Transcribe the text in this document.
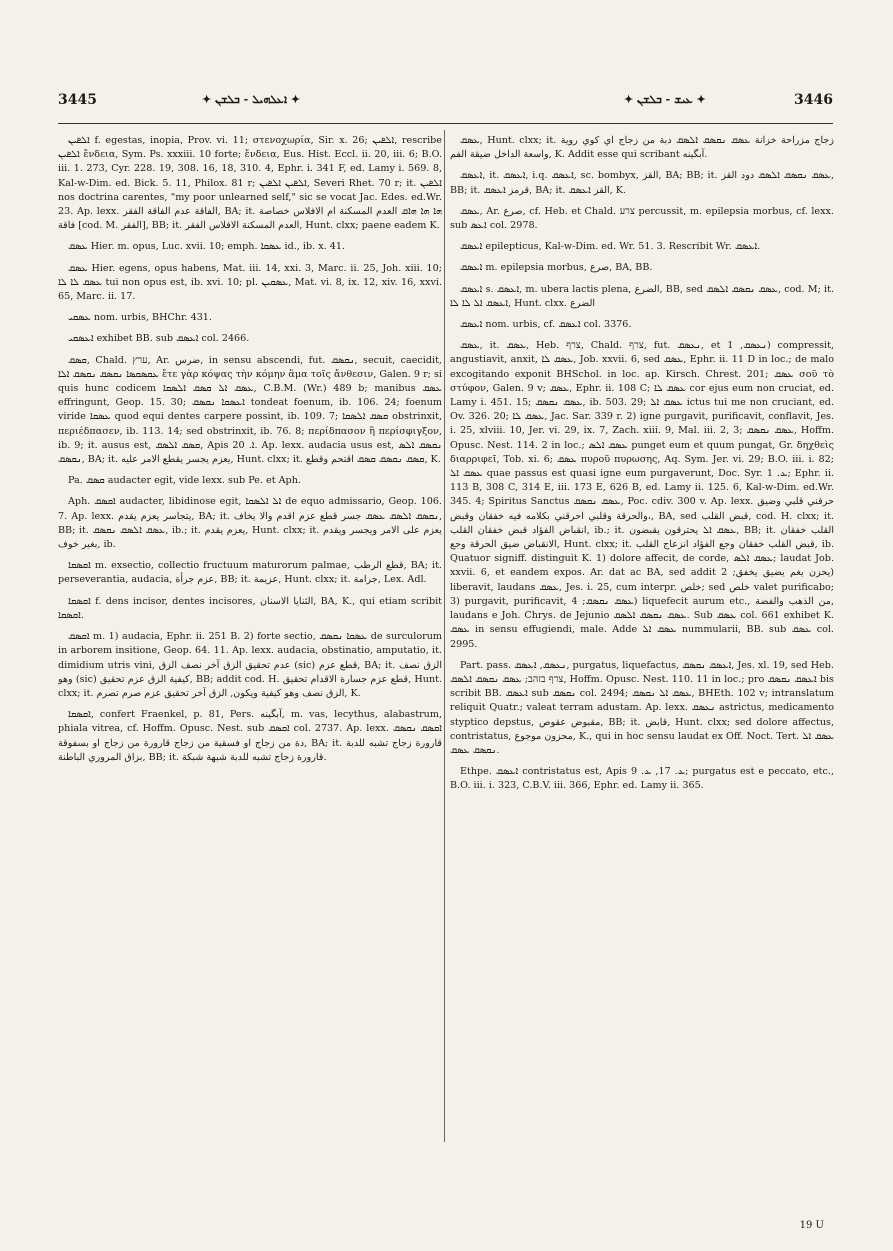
3445	✦ ܐܥܠܗܝܠ - ܒܠܫܢ ✦	✦ ܥܝܫ - ܒܠܫܢ ✦	3446

ܐܠܧܝܢ f. egestas, inopia, Prov. vi. 11; στενοχωρία, Sir. x. 26; ܐܠܧܝܢ, rescribe ܐܠܧܝܢ ἔνδεια, Sym. Ps. xxxiii. 10 forte; ἔνδεια, Eus. Hist. Eccl. ii. 20, iii. 6; B.O. iii. 1. 273, Cyr. 228. 19, 308. 16, 18, 310. 4, Ephr. i. 341 F, ed. Lamy i. 569. 8, Kal-w-Dim. ed. Bick. 5. 11, Philox. 81 r; ܐܠܧܝܢ ܐܠܧܝܢ, Severi Rhet. 70 r; it. ܐܠܧܝܢ nos doctrina carentes, "my poor unlearned self," sic se vocat Jac. Edes. ed.Wr. 23. Ap. lexx. الفاقة عدم الفاقة الفقر, BA; it. ܗܐ ܗܐ ܗܐܩ العدم المسكنة ام الافلاس خصاصة فاقة [cod. M. الفقر], BB; it. العدم المسكنة الافلاس الفقر, Hunt. clxx; paene eadem K.

ܥܣܩ Hier. m. opus, Luc. xvii. 10; emph. ܥܣܩܐ id., ib. x. 41.

ܥܣܩ Hier. egens, opus habens, Mat. iii. 14, xxi. 3, Marc. ii. 25, Joh. xiii. 10; ܥܣܩ ܠܐ ܠܐ tui non opus est, ib. xvi. 10; pl. ܥܣܩܝܢ, Mat. vi. 8, ix. 12, xiv. 16, xxvi. 65, Marc. ii. 17.

ܥܣܩܝ nom. urbis, BHChr. 431.

ܐܥܣܩܝ exhibet BB. sub ܐܥܣܩ col. 2466.

ܩܣܩ, Chald. ערץ, Ar. ضرس, in sensu abscendi, fut. ܢܩܣܩ, secuit, caecidit, ܥܩܣܩܣܐ ܢܩܣܩ ܢܩܣܩ ܐܠܐ ἔτε γὰρ κόψας τὴν κόμην ἅμα τοῖς ἄνθεσιν, Galen. 9 r; si quis hunc codicem ܥܣܩ ܐܠ ܩܣܩ ܐܠܣܩܐ, C.B.M. (Wr.) 489 b; manibus ܥܣܩ effringunt, Geop. 15. 30; ܐܥܣܩܐ ܢܩܣܩ tondeat foenum, ib. 106. 24; foenum viride ܥܣܩܐ quod equi dentes carpere possint, ib. 109. 7; ܩܣܩ ܐܠܣܩܐ obstrinxit, περιέδπασεν, ib. 113. 14; sed obstrinxit, ib. 76. 8; περίδπασον ἢ περίσφιγξον, ib. 9; it. ausus est, ܩܣܩ ܐܠܣܩ, Apis ܐ. 20. Ap. lexx. audacia usus est, ܢܩܣܩ ܐܠܣ ܢܩܣܩ, BA; it. يعزم يجسر يقطع الامر عليه, Hunt. clxx; it. ܩܣܩ ܢܩܣܩ ܩܣܩ اقتحم وقطع, K.

Pa. ܩܣܩ audacter egit, vide lexx. sub Pe. et Aph.

Aph. ܐܩܣܩ audacter, libidinose egit, ܐܠ ܐܠܣܩܐ de equo admissario, Geop. 106. 7. Ap. lexx. يتجاسر يعزم يقدم, BA; it. ܢܩܣܩ ܐܠܣܩ ܥܣܩ جسر قطع عزم اقدم والا يخاف, BB; it. ܥܣܩ ܐܠܣܩ ܢܩܣܩ, ib.; it. يعزم يقدم, Hunt. clxx; it. يعزم على الامر ويجسر ويقدم بغير خوف, ib.

ܐܩܣܩܐ m. exsectio, collectio fructuum maturorum palmae, قطع الرطب, BA; it. perseverantia, audacia, عزم جرأة, BB; it. عزيمة, Hunt. clxx; it. جرامة, Lex. Adl.

ܐܩܣܩܐ f. dens incisor, dentes incisores, الثنايا الاسنان, BA, K., qui etiam scribit ܐܩܣܩܐ.

ܐܩܣܩ m. 1) audacia, Ephr. ii. 251 B. 2) forte sectio, ܥܣܩܐ ܢܩܣܩ de surculorum in arborem insitione, Geop. 64. 11. Ap. lexx. audacia, obstinatio, amputatio, it. dimidium utris vini, عدم تحقيق الزق آخر نصف الزق (sic) قطع عزم, BA; it. الزق نصف وهو (sic) كيفية الزق عزم تحقيق, BB; addit cod. H. قطع عزم جسارة الاقدام تحقيق, Hunt. clxx; it. الزق نصف وهو كيفية ويكون, الزق آخر تحقيق عزم صرم تصرم, K.

ܐܩܣܩܐ, confert Fraenkel, p. 81, Pers. آبگینه, m. vas, lecythus, alabastrum, phiala vitrea, cf. Hoffm. Opusc. Nest. sub ܐܩܣܩ col. 2737. Ap. lexx. ܐܩܣܩ ܢܩܣܩ دة من زجاج او فسقية من زجاج قارورة من زجاج او بسفوقة, BA; it. قارورة زجاج تشبه للدبة بزاق المروري الباطنة, BB; it. قارورة زجاج تشبه للدبة شبهة شبكة.

ܥܣܩ, Hunt. clxx; it. زجاج مزراحة خزانة ܥܣܩ ܢܩܣܩ ܐܠܣܩ دبة من زجاج اي كوي روية واسعة الداخل ضيقة الفم, K. Addit esse qui scribant آبگینه.

ܐܥܣܩ, it. ܐܥܣܩ, i.q. ܐܥܣܩ, sc. bombyx, القز, BA; BB; it. ܥܣܩ ܢܩܣܩ ܐܠܣܩ دود القز, BB; it. قرمز ܐܥܣܩ, BA; it. القز ܐܥܣܩ, K.

ܥܣܩ, Ar. صرع, cf. Heb. et Chald. צרע percussit, m. epilepsia morbus, cf. lexx. sub ܐܥܣ col. 2978.

ܐܥܣܩ epilepticus, Kal-w-Dim. ed. Wr. 51. 3. Rescribit Wr. ܐܥܣܩ.

ܐܥܣܩ m. epilepsia morbus, صرع, BA, BB.

ܐܥܣܩ s. ܐܥܣܩ, m. ubera lactis plena, الضرع, BB, sed ܥܣܩ ܢܩܣܩ ܐܠܣܩ, cod. M; it. ܐܥܣܩ ܐܠ ܠܐ ܠܐ, Hunt. clxx. الضرع

ܐܥܣܩ nom. urbis, cf. ܐܥܣܩ col. 3376.

ܥܣܩ, it. ܥܣܩ, Heb. צרף, Chald. צרף, fut. ܢܥܣܩ, et ܢܥܣܩ, 1) compressit, angustiavit, anxit, ܥܣܩ ܠܐ, Job. xxvii. 6, sed ܥܣܩ, Ephr. ii. 11 D in loc.; de malo excogitando exponit BHSchol. in loc. ap. Kirsch. Chrest. 201; ܥܣܩ σοῦ τὸ στύφον, Galen. 9 v; ܥܣܩ, Ephr. ii. 108 C; ܥܣܩ ܠܐ cor ejus eum non cruciat, ed. Lamy i. 451. 15; ܥܣܩ ܢܩܣܩ, ib. 503. 29; ܥܣܩ ܐܠ ictus tui me non cruciant, ed. Ov. 326. 20; ܥܣܩ ܠܐ, Jac. Sar. 339 r. 2) igne purgavit, purificavit, conflavit, Jes. i. 25, xlviii. 10, Jer. vi. 29, ix. 7, Zach. xiii. 9, Mal. iii. 2, 3; ܥܣܩ ܢܩܣܩ, Hoffm. Opusc. Nest. 114. 2 in loc.; ܥܣܩ ܐܠܣ punget eum et quum pungat, Gr. δηχθεὶς διαρριφεῖ, Tob. xi. 6; ܥܣܩ πυροῦ πυρωσης, Aq. Sym. Jer. vi. 29; B.O. iii. i. 82; ܥܣܩ ܐܠ quae passus est quasi igne eum purgaverunt, Doc. Syr. ܥ. 1; Ephr. ii. 113 B, 308 C, 314 E, iii. 173 E, 626 B, ed. Lamy ii. 125. 6, Kal-w-Dim. ed.Wr. 345. 4; Spiritus Sanctus ܥܣܩ ܢܩܣܩ, Poc. cdiv. 300 v. Ap. lexx. حرقني قلبي وضيق والحرقة وقلبي احرقني بكلامه فيه خفقان وقبض،, BA, sed قبض القلب, cod. H. clxx; it. انقباض الفؤاد قبض خفقان القلب, ib.; it. ܥܣܩ ܐܠ يحترقون يقبضون, BB; it. القلب خفقان الانقباض ضيق الحرقة وجع, Hunt. clxx; it. قبض القلب خفقان وجع الفؤاد انزعاج القلب, ib. Quatuor signiff. distinguit K. 1) dolore affecit, de corde, ܥܣܩ ܐܠܣ; laudat Job. xxvii. 6, et eandem expos. Ar. dat ac BA, sed addit يحزن يغم يضيق يخفق; 2) liberavit, laudans ܥܣܩ, Jes. i. 25, cum interpr. خلص; sed خلص valet purificabo; 3) purgavit, purificavit, ܥܣܩ ܢܩܣܩ; 4) liquefecit aurum etc., من الذهب والفضة, laudans e Joh. Chrys. de Jejunio ܥܣܩ ܢܩܣܩ ܐܠܣܩ. Sub ܥܣܩ col. 661 exhibet K. ܥܣܩ in sensu effugiendi, male. Adde ܥܣܩ ܐܠ nummularii, BB. sub ܥܣܩ col. 2995.

Part. pass. ܢܥܣܩ, ܐܥܣܩ, purgatus, liquefactus, ܐܥܣܩ ܢܩܣܩ, Jes. xl. 19, sed Heb. צרף בזהב; ܥܣܩ ܢܩܣܩ ܐܠܣܩ, Hoffm. Opusc. Nest. 110. 11 in loc.; pro ܐܥܣܩ ܢܩܣܩ bis scribit BB. ܐܥܣܩ sub ܢܩܣܩ col. 2494; ܥܣܩ ܐܠ ܢܩܣܩ, BHEth. 102 v; intranslatum reliquit Quatr.; valeat terram adustam. Ap. lexx. ܢܥܣܩ astrictus, medicamento styptico depstus, مقبوض عقوص, BB; it. قابض, Hunt. clxx; sed dolore affectus, contristatus, محزون موجوع, K., qui in hoc sensu laudat ex Off. Noct. Tert. ܥܣܩ ܐܠ ܢܩܣܩ ܥܣܩ.

Ethpe. ܐܥܣܩ contristatus est, Apis ܥ. 17, ܥ. 9; purgatus est e peccato, etc., B.O. iii. i. 323, C.B.V. iii. 366, Ephr. ed. Lamy ii. 365.

19 U
